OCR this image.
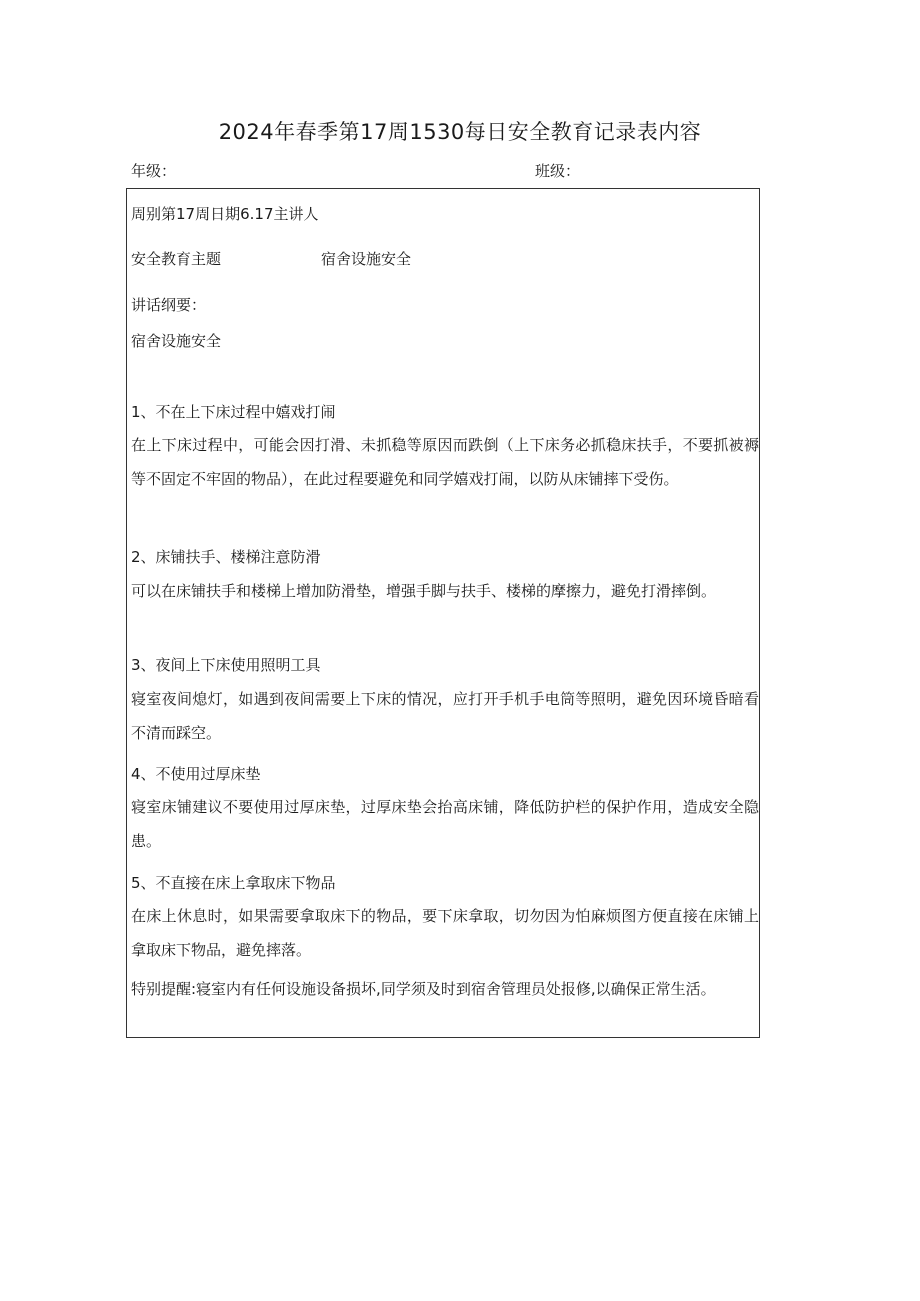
2024年春季第17周1530每日安全教育记录表内容
年级：	班级：
周别第17周日期6.17主讲人
安全教育主题	宿舍设施安全
讲话纲要：
宿舍设施安全
1、不在上下床过程中嬉戏打闹
在上下床过程中，可能会因打滑、未抓稳等原因而跌倒（上下床务必抓稳床扶手，不要抓被褥等不固定不牢固的物品），在此过程要避免和同学嬉戏打闹，以防从床铺摔下受伤。
2、床铺扶手、楼梯注意防滑
可以在床铺扶手和楼梯上增加防滑垫，增强手脚与扶手、楼梯的摩擦力，避免打滑摔倒。
3、夜间上下床使用照明工具
寝室夜间熄灯，如遇到夜间需要上下床的情况，应打开手机手电筒等照明，避免因环境昏暗看不清而踩空。
4、不使用过厚床垫
寝室床铺建议不要使用过厚床垫，过厚床垫会抬高床铺，降低防护栏的保护作用，造成安全隐患。
5、不直接在床上拿取床下物品
在床上休息时，如果需要拿取床下的物品，要下床拿取，切勿因为怕麻烦图方便直接在床铺上拿取床下物品，避免摔落。
特别提醒:寝室内有任何设施设备损坏,同学须及时到宿舍管理员处报修,以确保正常生活。
